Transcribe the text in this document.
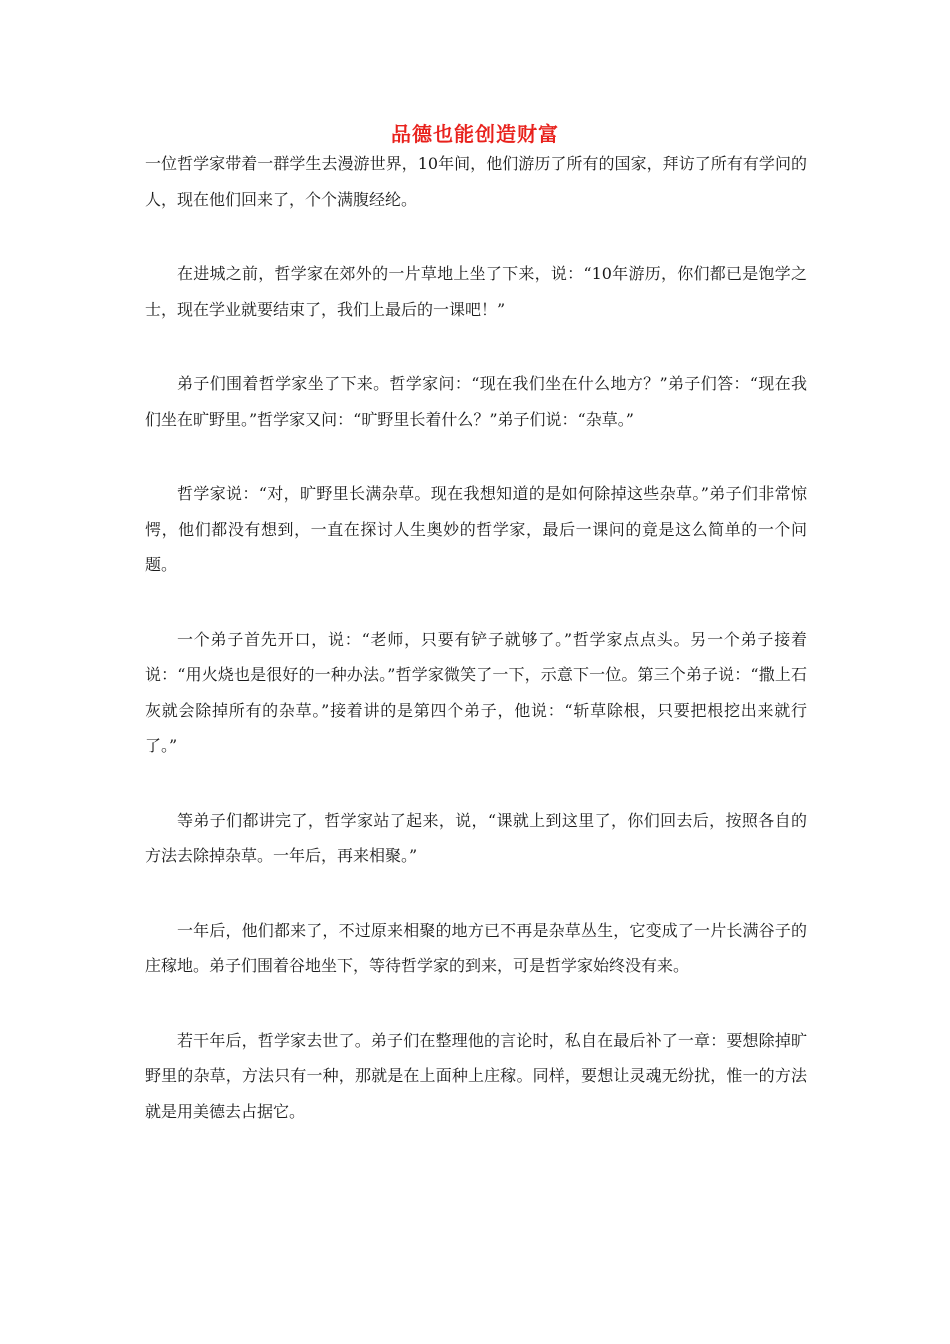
品德也能创造财富

一位哲学家带着一群学生去漫游世界，10年间，他们游历了所有的国家，拜访了所有有学问的人，现在他们回来了，个个满腹经纶。

在进城之前，哲学家在郊外的一片草地上坐了下来，说：“10年游历，你们都已是饱学之士，现在学业就要结束了，我们上最后的一课吧！”

弟子们围着哲学家坐了下来。哲学家问：“现在我们坐在什么地方？”弟子们答：“现在我们坐在旷野里。”哲学家又问：“旷野里长着什么？”弟子们说：“杂草。”

哲学家说：“对，旷野里长满杂草。现在我想知道的是如何除掉这些杂草。”弟子们非常惊愕，他们都没有想到，一直在探讨人生奥妙的哲学家，最后一课问的竟是这么简单的一个问题。

一个弟子首先开口，说：“老师，只要有铲子就够了。”哲学家点点头。另一个弟子接着说：“用火烧也是很好的一种办法。”哲学家微笑了一下，示意下一位。第三个弟子说：“撒上石灰就会除掉所有的杂草。”接着讲的是第四个弟子，他说：“斩草除根，只要把根挖出来就行了。”

等弟子们都讲完了，哲学家站了起来，说，“课就上到这里了，你们回去后，按照各自的方法去除掉杂草。一年后，再来相聚。”

一年后，他们都来了，不过原来相聚的地方已不再是杂草丛生，它变成了一片长满谷子的庄稼地。弟子们围着谷地坐下，等待哲学家的到来，可是哲学家始终没有来。

若干年后，哲学家去世了。弟子们在整理他的言论时，私自在最后补了一章：要想除掉旷野里的杂草，方法只有一种，那就是在上面种上庄稼。同样，要想让灵魂无纷扰，惟一的方法就是用美德去占据它。
